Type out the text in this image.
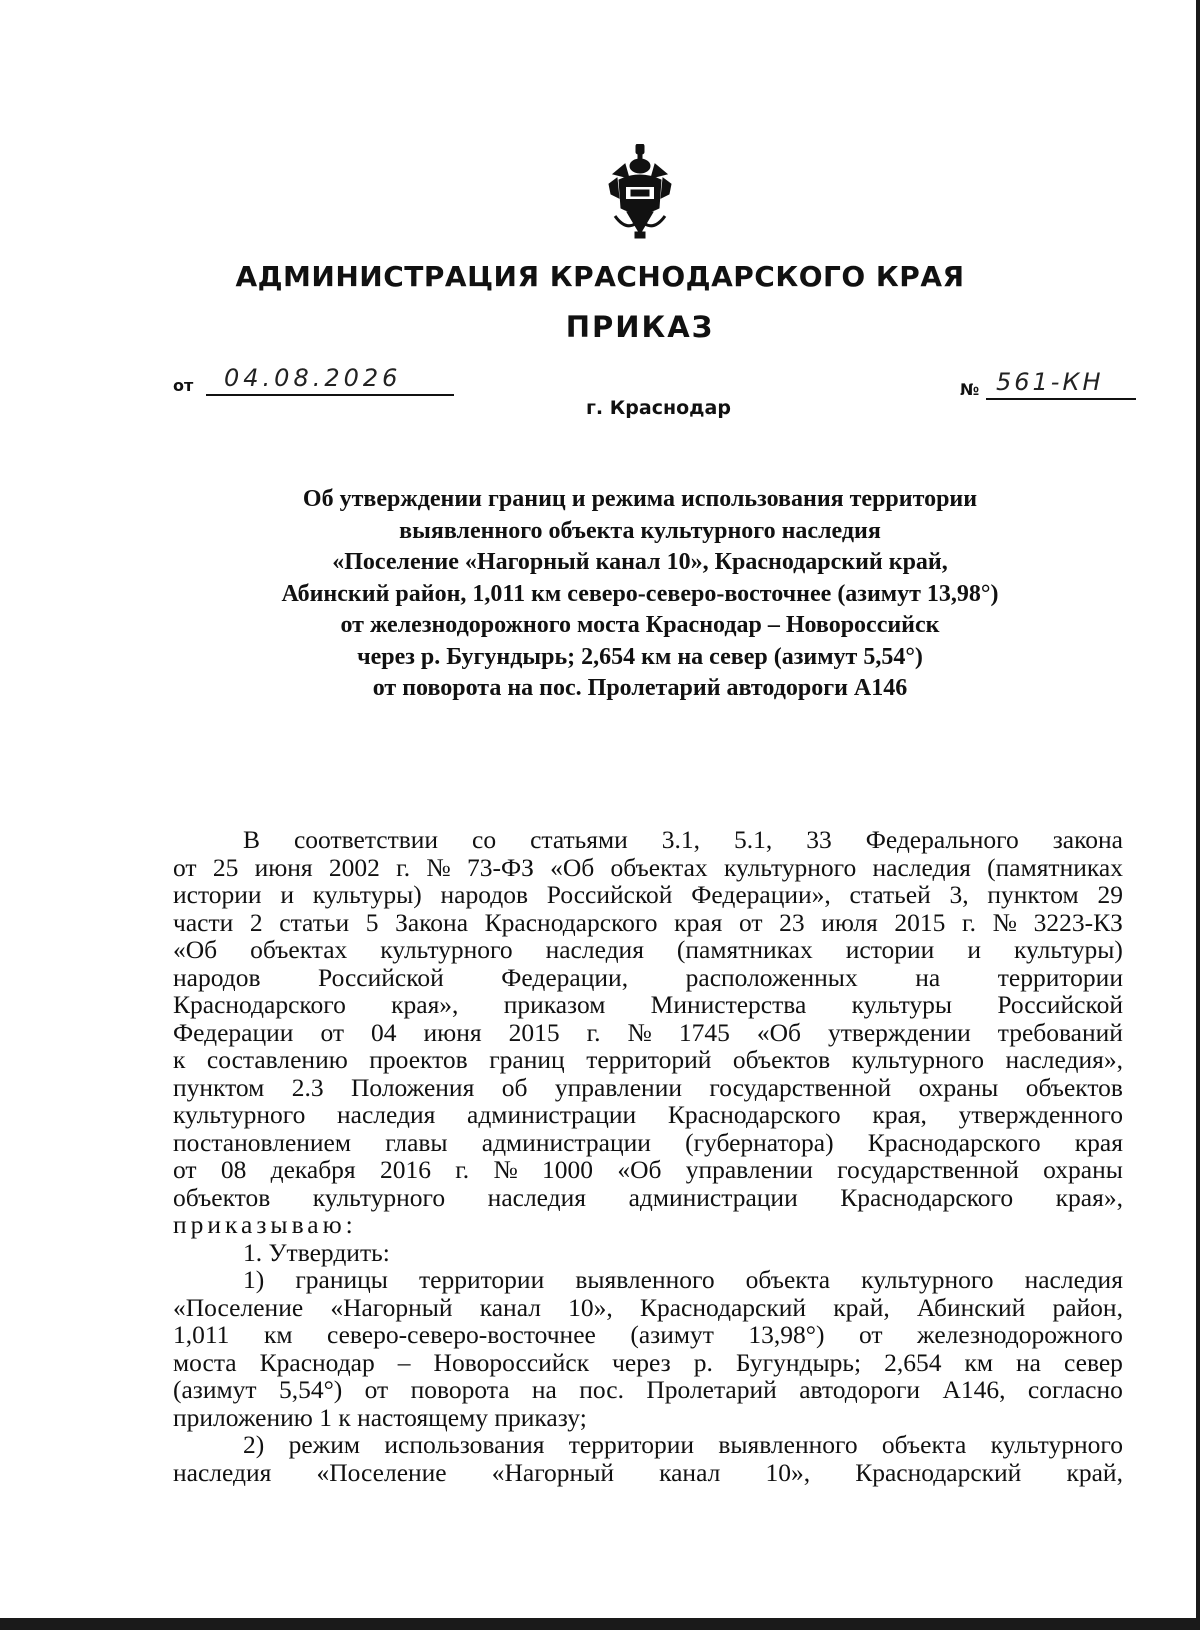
АДМИНИСТРАЦИЯ КРАСНОДАРСКОГО КРАЯ
ПРИКАЗ
от 04.08.2026	№ 561-КН
г. Краснодар
Об утверждении границ и режима использования территории
выявленного объекта культурного наследия
«Поселение «Нагорный канал 10», Краснодарский край,
Абинский район, 1,011 км северо-северо-восточнее (азимут 13,98°)
от железнодорожного моста Краснодар – Новороссийск
через р. Бугундырь; 2,654 км на север (азимут 5,54°)
от поворота на пос. Пролетарий автодороги А146
В соответствии со статьями 3.1, 5.1, 33 Федерального закона
от 25 июня 2002 г. № 73-ФЗ «Об объектах культурного наследия (памятниках
истории и культуры) народов Российской Федерации», статьей 3, пунктом 29
части 2 статьи 5 Закона Краснодарского края от 23 июля 2015 г. № 3223-КЗ
«Об объектах культурного наследия (памятниках истории и культуры)
народов Российской Федерации, расположенных на территории
Краснодарского края», приказом Министерства культуры Российской
Федерации от 04 июня 2015 г. № 1745 «Об утверждении требований
к составлению проектов границ территорий объектов культурного наследия»,
пунктом 2.3 Положения об управлении государственной охраны объектов
культурного наследия администрации Краснодарского края, утвержденного
постановлением главы администрации (губернатора) Краснодарского края
от 08 декабря 2016 г. № 1000 «Об управлении государственной охраны
объектов культурного наследия администрации Краснодарского края»,
приказываю:
1. Утвердить:
1) границы территории выявленного объекта культурного наследия
«Поселение «Нагорный канал 10», Краснодарский край, Абинский район,
1,011 км северо-северо-восточнее (азимут 13,98°) от железнодорожного
моста Краснодар – Новороссийск через р. Бугундырь; 2,654 км на север
(азимут 5,54°) от поворота на пос. Пролетарий автодороги А146, согласно
приложению 1 к настоящему приказу;
2) режим использования территории выявленного объекта культурного
наследия «Поселение «Нагорный канал 10», Краснодарский край,
